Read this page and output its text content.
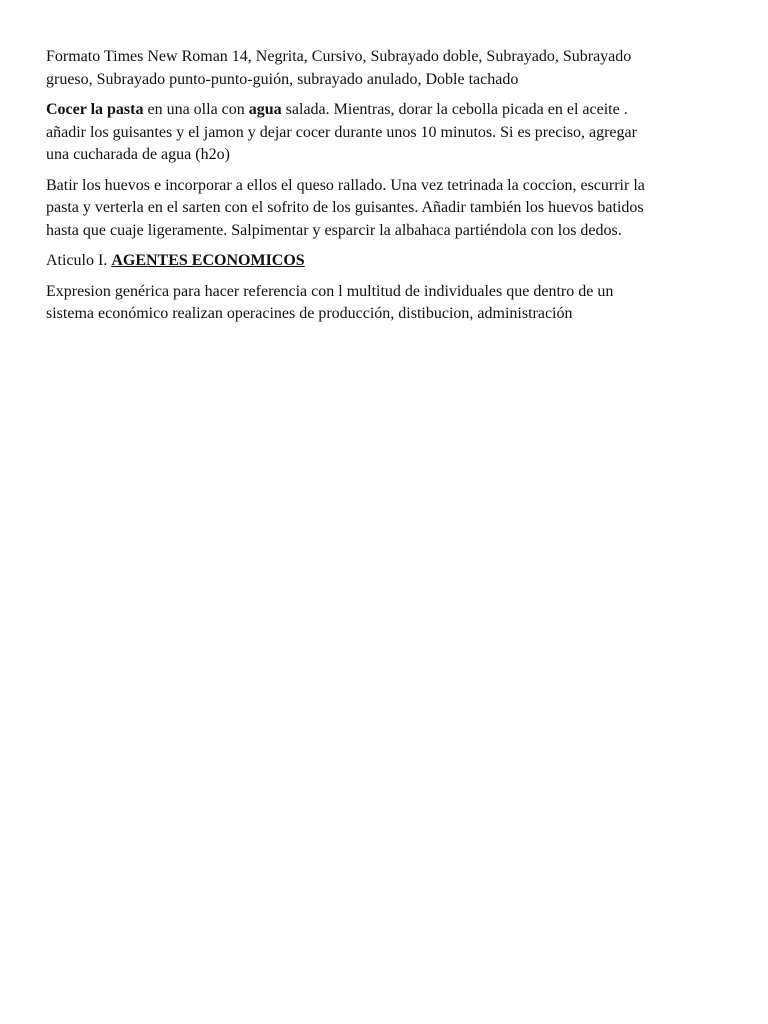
Formato Times New Roman 14, Negrita, Cursivo, Subrayado doble, Subrayado, Subrayado
grueso, Subrayado punto-punto-guión, subrayado anulado, Doble tachado

Cocer la pasta en una olla con agua salada. Mientras, dorar la cebolla picada en el aceite .
añadir los guisantes y el jamon y dejar cocer durante unos 10 minutos. Si es preciso, agregar
una cucharada de agua (h2o)

Batir los huevos e incorporar a ellos el queso rallado. Una vez tetrinada la coccion, escurrir la
pasta y verterla en el sarten con el sofrito de los guisantes. Añadir también los huevos batidos
hasta que cuaje ligeramente. Salpimentar y esparcir la albahaca partiéndola con los dedos.

Aticulo I. AGENTES ECONOMICOS

Expresion genérica para hacer referencia con l multitud de individuales que dentro de un
sistema económico realizan operacines de producción, distibucion, administración
